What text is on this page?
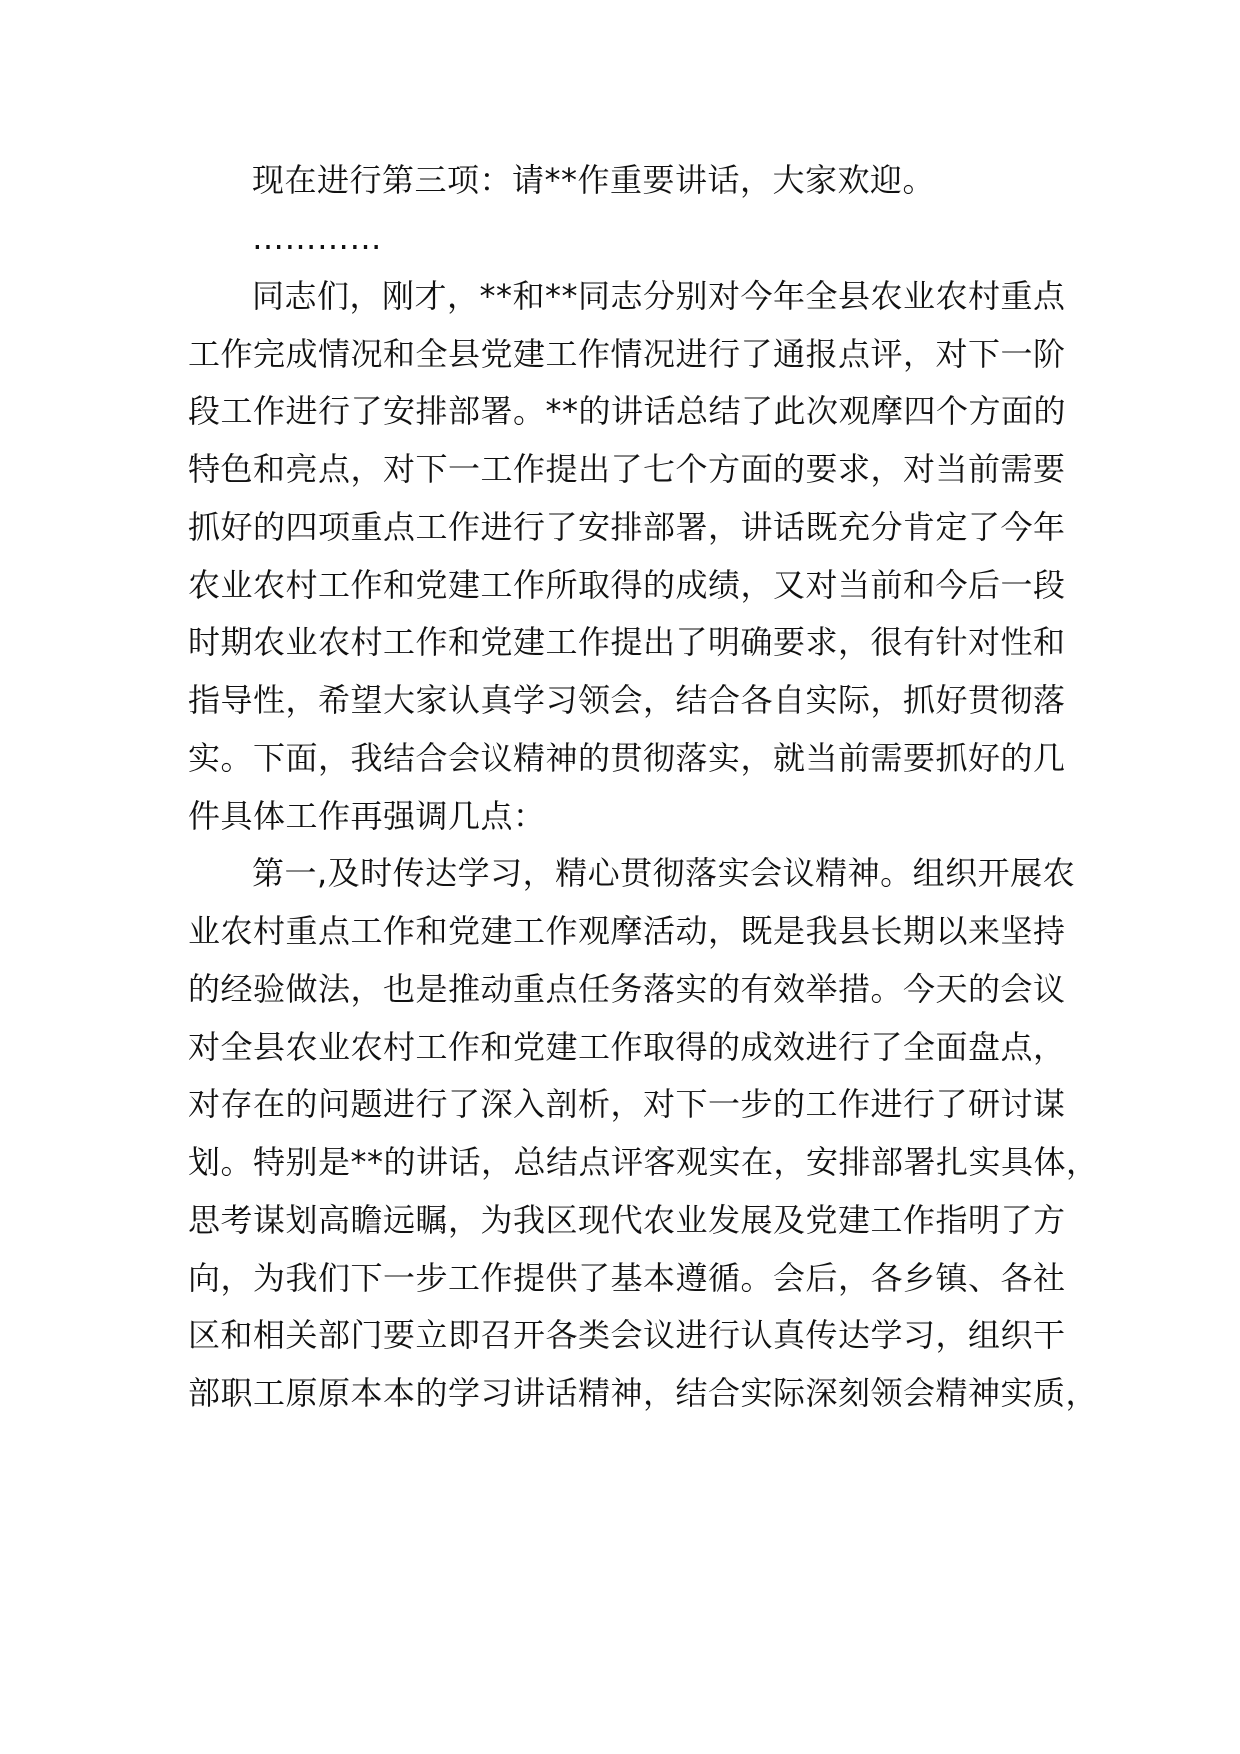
现在进行第三项：请**作重要讲话，大家欢迎。
…………
同志们，刚才，**和**同志分别对今年全县农业农村重点
工作完成情况和全县党建工作情况进行了通报点评，对下一阶
段工作进行了安排部署。**的讲话总结了此次观摩四个方面的
特色和亮点，对下一工作提出了七个方面的要求，对当前需要
抓好的四项重点工作进行了安排部署，讲话既充分肯定了今年
农业农村工作和党建工作所取得的成绩，又对当前和今后一段
时期农业农村工作和党建工作提出了明确要求，很有针对性和
指导性，希望大家认真学习领会，结合各自实际，抓好贯彻落
实。下面，我结合会议精神的贯彻落实，就当前需要抓好的几
件具体工作再强调几点：
第一,及时传达学习，精心贯彻落实会议精神。组织开展农
业农村重点工作和党建工作观摩活动，既是我县长期以来坚持
的经验做法，也是推动重点任务落实的有效举措。今天的会议
对全县农业农村工作和党建工作取得的成效进行了全面盘点，
对存在的问题进行了深入剖析，对下一步的工作进行了研讨谋
划。特别是**的讲话，总结点评客观实在，安排部署扎实具体，
思考谋划高瞻远瞩，为我区现代农业发展及党建工作指明了方
向，为我们下一步工作提供了基本遵循。会后，各乡镇、各社
区和相关部门要立即召开各类会议进行认真传达学习，组织干
部职工原原本本的学习讲话精神，结合实际深刻领会精神实质，
